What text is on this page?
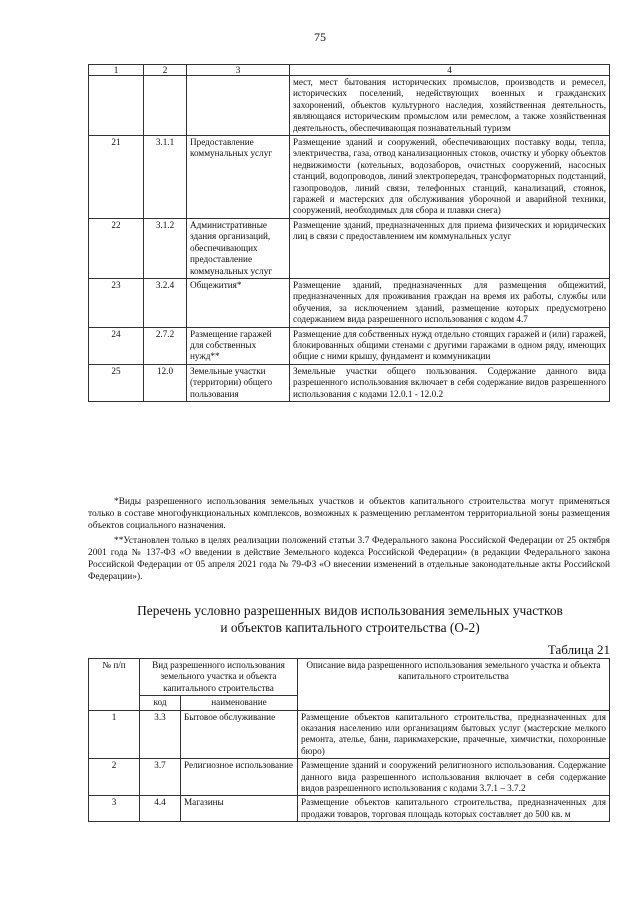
75
1	2	3	4
			мест, мест бытования исторических промыслов, производств и ремесел, исторических поселений, недействующих военных и гражданских захоронений, объектов культурного наследия, хозяйственная деятельность, являющаяся историческим промыслом или ремеслом, а также хозяйственная деятельность, обеспечивающая познавательный туризм
21	3.1.1	Предоставление коммунальных услуг	Размещение зданий и сооружений, обеспечивающих поставку воды, тепла, электричества, газа, отвод канализационных стоков, очистку и уборку объектов недвижимости (котельных, водозаборов, очистных сооружений, насосных станций, водопроводов, линий электропередач, трансформаторных подстанций, газопроводов, линий связи, телефонных станций, канализаций, стоянок, гаражей и мастерских для обслуживания уборочной и аварийной техники, сооружений, необходимых для сбора и плавки снега)
22	3.1.2	Административные здания организаций, обеспечивающих предоставление коммунальных услуг	Размещение зданий, предназначенных для приема физических и юридических лиц в связи с предоставлением им коммунальных услуг
23	3.2.4	Общежития*	Размещение зданий, предназначенных для размещения общежитий, предназначенных для проживания граждан на время их работы, службы или обучения, за исключением зданий, размещение которых предусмотрено содержанием вида разрешенного использования с кодом 4.7
24	2.7.2	Размещение гаражей для собственных нужд**	Размещение для собственных нужд отдельно стоящих гаражей и (или) гаражей, блокированных общими стенами с другими гаражами в одном ряду, имеющих общие с ними крышу, фундамент и коммуникации
25	12.0	Земельные участки (территории) общего пользования	Земельные участки общего пользования. Содержание данного вида разрешенного использования включает в себя содержание видов разрешенного использования с кодами 12.0.1 - 12.0.2

*Виды разрешенного использования земельных участков и объектов капитального строительства могут применяться только в составе многофункциональных комплексов, возможных к размещению регламентом территориальной зоны размещения объектов социального назначения.

**Установлен только в целях реализации положений статьи 3.7 Федерального закона Российской Федерации от 25 октября 2001 года № 137-ФЗ «О введении в действие Земельного кодекса Российской Федерации» (в редакции Федерального закона Российской Федерации от 05 апреля 2021 года № 79-ФЗ «О внесении изменений в отдельные законодательные акты Российской Федерации»).

Перечень условно разрешенных видов использования земельных участков
и объектов капитального строительства (О-2)
Таблица 21
№ п/п	Вид разрешенного использования земельного участка и объекта капитального строительства		Описание вида разрешенного использования земельного участка и объекта капитального строительства
	код	наименование	
1	3.3	Бытовое обслуживание	Размещение объектов капитального строительства, предназначенных для оказания населению или организациям бытовых услуг (мастерские мелкого ремонта, ателье, бани, парикмахерские, прачечные, химчистки, похоронные бюро)
2	3.7	Религиозное использование	Размещение зданий и сооружений религиозного использования. Содержание данного вида разрешенного использования включает в себя содержание видов разрешенного использования с кодами 3.7.1 – 3.7.2
3	4.4	Магазины	Размещение объектов капитального строительства, предназначенных для продажи товаров, торговая площадь которых составляет до 500 кв. м
